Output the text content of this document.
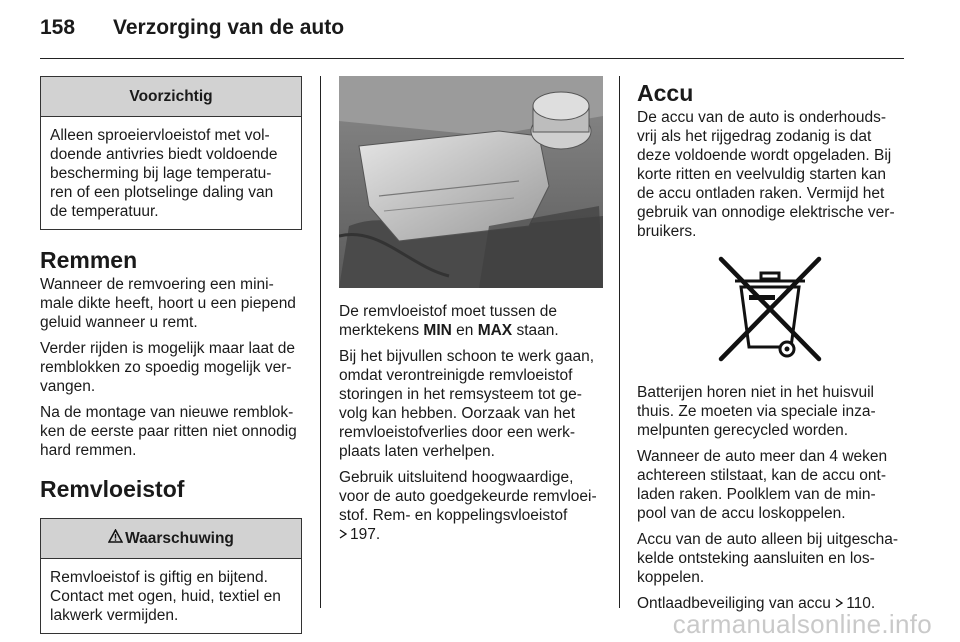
158 Verzorging van de auto
Voorzichtig
Alleen sproeiervloeistof met vol-doende antivries biedt voldoende bescherming bij lage temperatu-ren of een plotselinge daling van de temperatuur.
Remmen

Wanneer de remvoering een mini-male dikte heeft, hoort u een piepend geluid wanneer u remt.

Verder rijden is mogelijk maar laat de remblokken zo spoedig mogelijk ver-vangen.

Na de montage van nieuwe remblok-ken de eerste paar ritten niet onnodig hard remmen.

Remvloeistof
Waarschuwing
Remvloeistof is giftig en bijtend. Contact met ogen, huid, textiel en lakwerk vermijden.

De remvloeistof moet tussen de merktekens MIN en MAX staan.

Bij het bijvullen schoon te werk gaan, omdat verontreinigde remvloeistof storingen in het remsysteem tot ge-volg kan hebben. Oorzaak van het remvloeistofverlies door een werk-plaats laten verhelpen.

Gebruik uitsluitend hoogwaardige, voor de auto goedgekeurde remvloei-stof. Rem- en koppelingsvloeistof
197.

Accu

De accu van de auto is onderhouds-vrij als het rijgedrag zodanig is dat deze voldoende wordt opgeladen. Bij korte ritten en veelvuldig starten kan de accu ontladen raken. Vermijd het gebruik van onnodige elektrische ver-bruikers.

Batterijen horen niet in het huisvuil thuis. Ze moeten via speciale inza-melpunten gerecycled worden.

Wanneer de auto meer dan 4 weken achtereen stilstaat, kan de accu ont-laden raken. Poolklem van de min-pool van de accu loskoppelen.

Accu van de auto alleen bij uitgescha-kelde ontsteking aansluiten en los-koppelen.

Ontlaadbeveiliging van accu 110.

carmanualsonline.info
